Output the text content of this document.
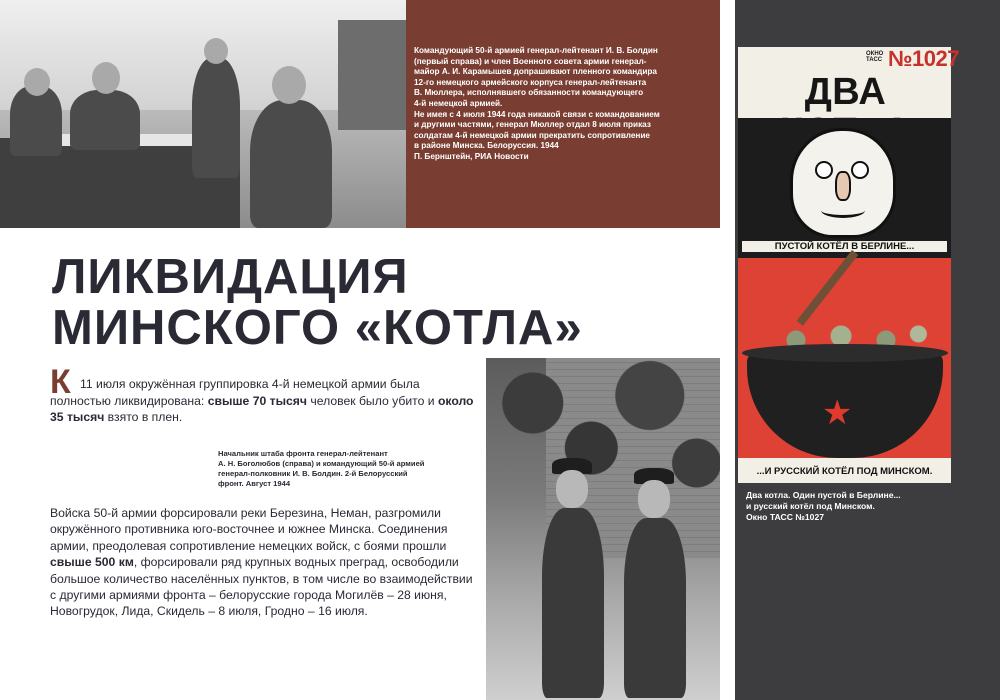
Командующий 50-й армией генерал-лейтенант И. В. Болдин
(первый справа) и член Военного совета армии генерал-
майор А. И. Карамышев допрашивают пленного командира
12-го немецкого армейского корпуса генерал-лейтенанта
В. Мюллера, исполнявшего обязанности командующего
4-й немецкой армией.
Не имея с 4 июля 1944 года никакой связи с командованием
и другими частями, генерал Мюллер отдал 8 июля приказ
солдатам 4-й немецкой армии прекратить сопротивление
в районе Минска. Белоруссия. 1944
П. Бернштейн, РИА Новости
ОКНО ТАСС №1027
ДВА
ПУСТОЙ КОТЁЛ В БЕРЛИНЕ...
★
...И РУССКИЙ КОТЁЛ ПОД МИНСКОМ.
Два котла. Один пустой в Берлине...
и русский котёл под Минском.
Окно ТАСС №1027
ЛИКВИДАЦИЯ
МИНСКОГО «КОТЛА»
К 11 июля окружённая группировка 4-й немецкой армии была полностью ликвидирована: свыше 70 тысяч человек было убито и около 35 тысяч взято в плен.
Начальник штаба фронта генерал-лейтенант
А. Н. Боголюбов (справа) и командующий 50-й армией
генерал-полковник И. В. Болдин. 2-й Белорусский
фронт. Август 1944
Войска 50-й армии форсировали реки Березина, Неман, разгромили окружённого противника юго-восточнее и южнее Минска. Соединения армии, преодолевая сопротивление немецких войск, с боями прошли свыше 500 км, форсировали ряд крупных водных преград, освободили большое количество населённых пунктов, в том числе во взаимодействии с другими армиями фронта – белорусские города Могилёв – 28 июня, Новогрудок, Лида, Скидель – 8 июля, Гродно – 16 июля.
